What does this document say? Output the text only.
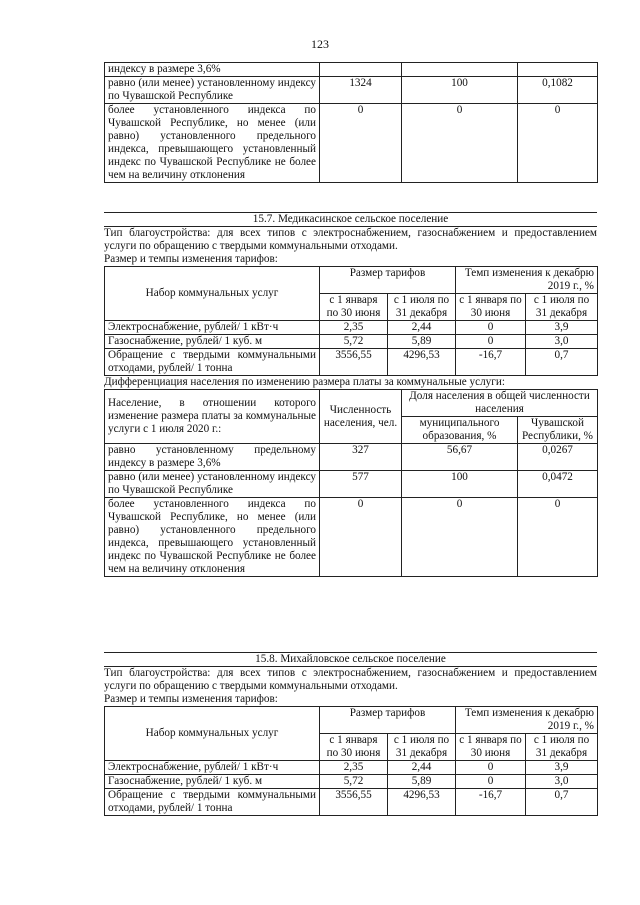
123
индексу в размере 3,6%			
равно (или менее) установленному индексу по Чувашской Республике	1324	100	0,1082
более установленного индекса по Чувашской Республике, но менее (или равно) установленного предельного индекса, превышающего установленный индекс по Чувашской Республике не более чем на величину отклонения	0	0	0
15.7. Медикасинское сельское поселение
Тип благоустройства: для всех типов с электроснабжением, газоснабжением и предоставлением услуги по обращению с твердыми коммунальными отходами.
Размер и темпы изменения тарифов:
Набор коммунальных услуг	Размер тарифов		Темп изменения к декабрю 2019 г., %	
	с 1 января по 30 июня	с 1 июля по 31 декабря	с 1 января по 30 июня	с 1 июля по 31 декабря
Электроснабжение, рублей/ 1 кВт·ч	2,35	2,44	0	3,9
Газоснабжение, рублей/ 1 куб. м	5,72	5,89	0	3,0
Обращение с твердыми коммунальными отходами, рублей/ 1 тонна	3556,55	4296,53	-16,7	0,7
Дифференциация населения по изменению размера платы за коммунальные услуги:
Население, в отношении которого изменение размера платы за коммунальные услуги с 1 июля 2020 г.:	Численность населения, чел.	Доля населения в общей численности населения	
		муниципального образования, %	Чувашской Республики, %
равно установленному предельному индексу в размере 3,6%	327	56,67	0,0267
равно (или менее) установленному индексу по Чувашской Республике	577	100	0,0472
более установленного индекса по Чувашской Республике, но менее (или равно) установленного предельного индекса, превышающего установленный индекс по Чувашской Республике не более чем на величину отклонения	0	0	0
15.8. Михайловское сельское поселение
Тип благоустройства: для всех типов с электроснабжением, газоснабжением и предоставлением услуги по обращению с твердыми коммунальными отходами.
Размер и темпы изменения тарифов:
Набор коммунальных услуг	Размер тарифов		Темп изменения к декабрю 2019 г., %	
	с 1 января по 30 июня	с 1 июля по 31 декабря	с 1 января по 30 июня	с 1 июля по 31 декабря
Электроснабжение, рублей/ 1 кВт·ч	2,35	2,44	0	3,9
Газоснабжение, рублей/ 1 куб. м	5,72	5,89	0	3,0
Обращение с твердыми коммунальными отходами, рублей/ 1 тонна	3556,55	4296,53	-16,7	0,7
